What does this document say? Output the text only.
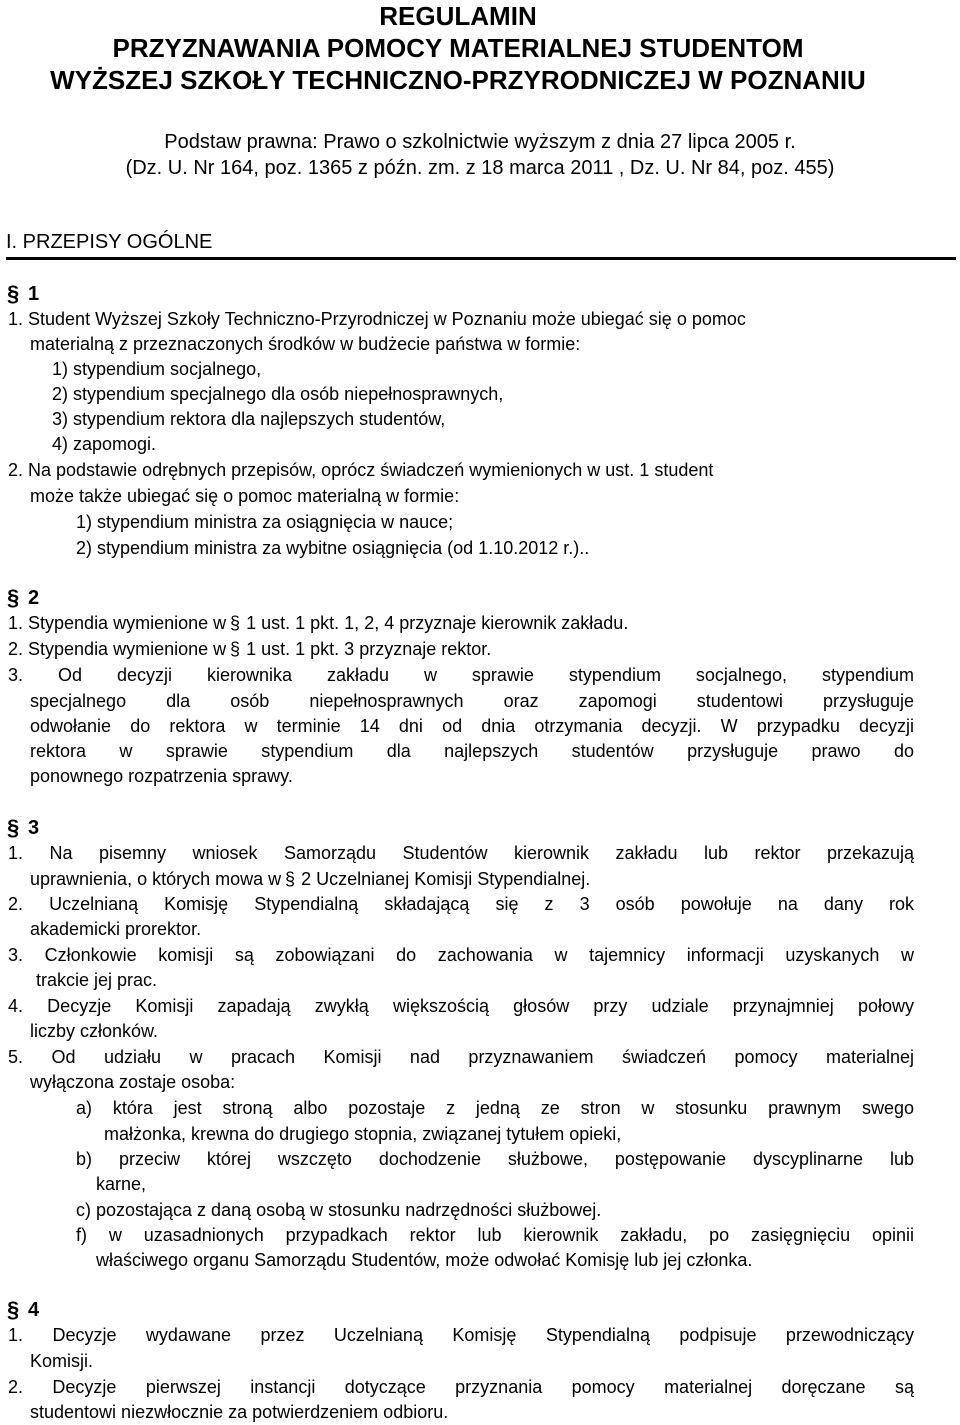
REGULAMIN
PRZYZNAWANIA POMOCY MATERIALNEJ STUDENTOM
WYŻSZEJ SZKOŁY TECHNICZNO-PRZYRODNICZEJ W POZNANIU
Podstaw prawna: Prawo o szkolnictwie wyższym z dnia 27 lipca 2005 r.
(Dz. U. Nr 164, poz. 1365 z późn. zm. z 18 marca 2011 , Dz. U. Nr 84, poz. 455)
I. PRZEPISY OGÓLNE
§ 1
1. Student Wyższej Szkoły Techniczno-Przyrodniczej w Poznaniu może ubiegać się o pomoc
materialną z przeznaczonych środków w budżecie państwa w formie:
1) stypendium socjalnego,
2) stypendium specjalnego dla osób niepełnosprawnych,
3) stypendium rektora dla najlepszych studentów,
4) zapomogi.
2. Na podstawie odrębnych przepisów, oprócz świadczeń wymienionych w ust. 1 student
może także ubiegać się o pomoc materialną w formie:
1) stypendium ministra za osiągnięcia w nauce;
2) stypendium ministra za wybitne osiągnięcia (od 1.10.2012 r.)..
§ 2
1. Stypendia wymienione w § 1 ust. 1 pkt. 1, 2, 4 przyznaje kierownik zakładu.
2. Stypendia wymienione w § 1 ust. 1 pkt. 3 przyznaje rektor.
3. Od decyzji kierownika zakładu w sprawie stypendium socjalnego, stypendium
specjalnego dla osób niepełnosprawnych oraz zapomogi studentowi przysługuje
odwołanie do rektora w terminie 14 dni od dnia otrzymania decyzji. W przypadku decyzji
rektora w sprawie stypendium dla najlepszych studentów przysługuje prawo do
ponownego rozpatrzenia sprawy.
§ 3
1. Na pisemny wniosek Samorządu Studentów kierownik zakładu lub rektor przekazują
uprawnienia, o których mowa w § 2 Uczelnianej Komisji Stypendialnej.
2. Uczelnianą Komisję Stypendialną składającą się z 3 osób powołuje na dany rok
akademicki prorektor.
3. Członkowie komisji są zobowiązani do zachowania w tajemnicy informacji uzyskanych w
trakcie jej prac.
4. Decyzje Komisji zapadają zwykłą większością głosów przy udziale przynajmniej połowy
liczby członków.
5. Od udziału w pracach Komisji nad przyznawaniem świadczeń pomocy materialnej
wyłączona zostaje osoba:
a) która jest stroną albo pozostaje z jedną ze stron w stosunku prawnym swego
małżonka, krewna do drugiego stopnia, związanej tytułem opieki,
b) przeciw której wszczęto dochodzenie służbowe, postępowanie dyscyplinarne lub
karne,
c) pozostająca z daną osobą w stosunku nadrzędności służbowej.
f) w uzasadnionych przypadkach rektor lub kierownik zakładu, po zasięgnięciu opinii
właściwego organu Samorządu Studentów, może odwołać Komisję lub jej członka.
§ 4
1. Decyzje wydawane przez Uczelnianą Komisję Stypendialną podpisuje przewodniczący
Komisji.
2. Decyzje pierwszej instancji dotyczące przyznania pomocy materialnej doręczane są
studentowi niezwłocznie za potwierdzeniem odbioru.
